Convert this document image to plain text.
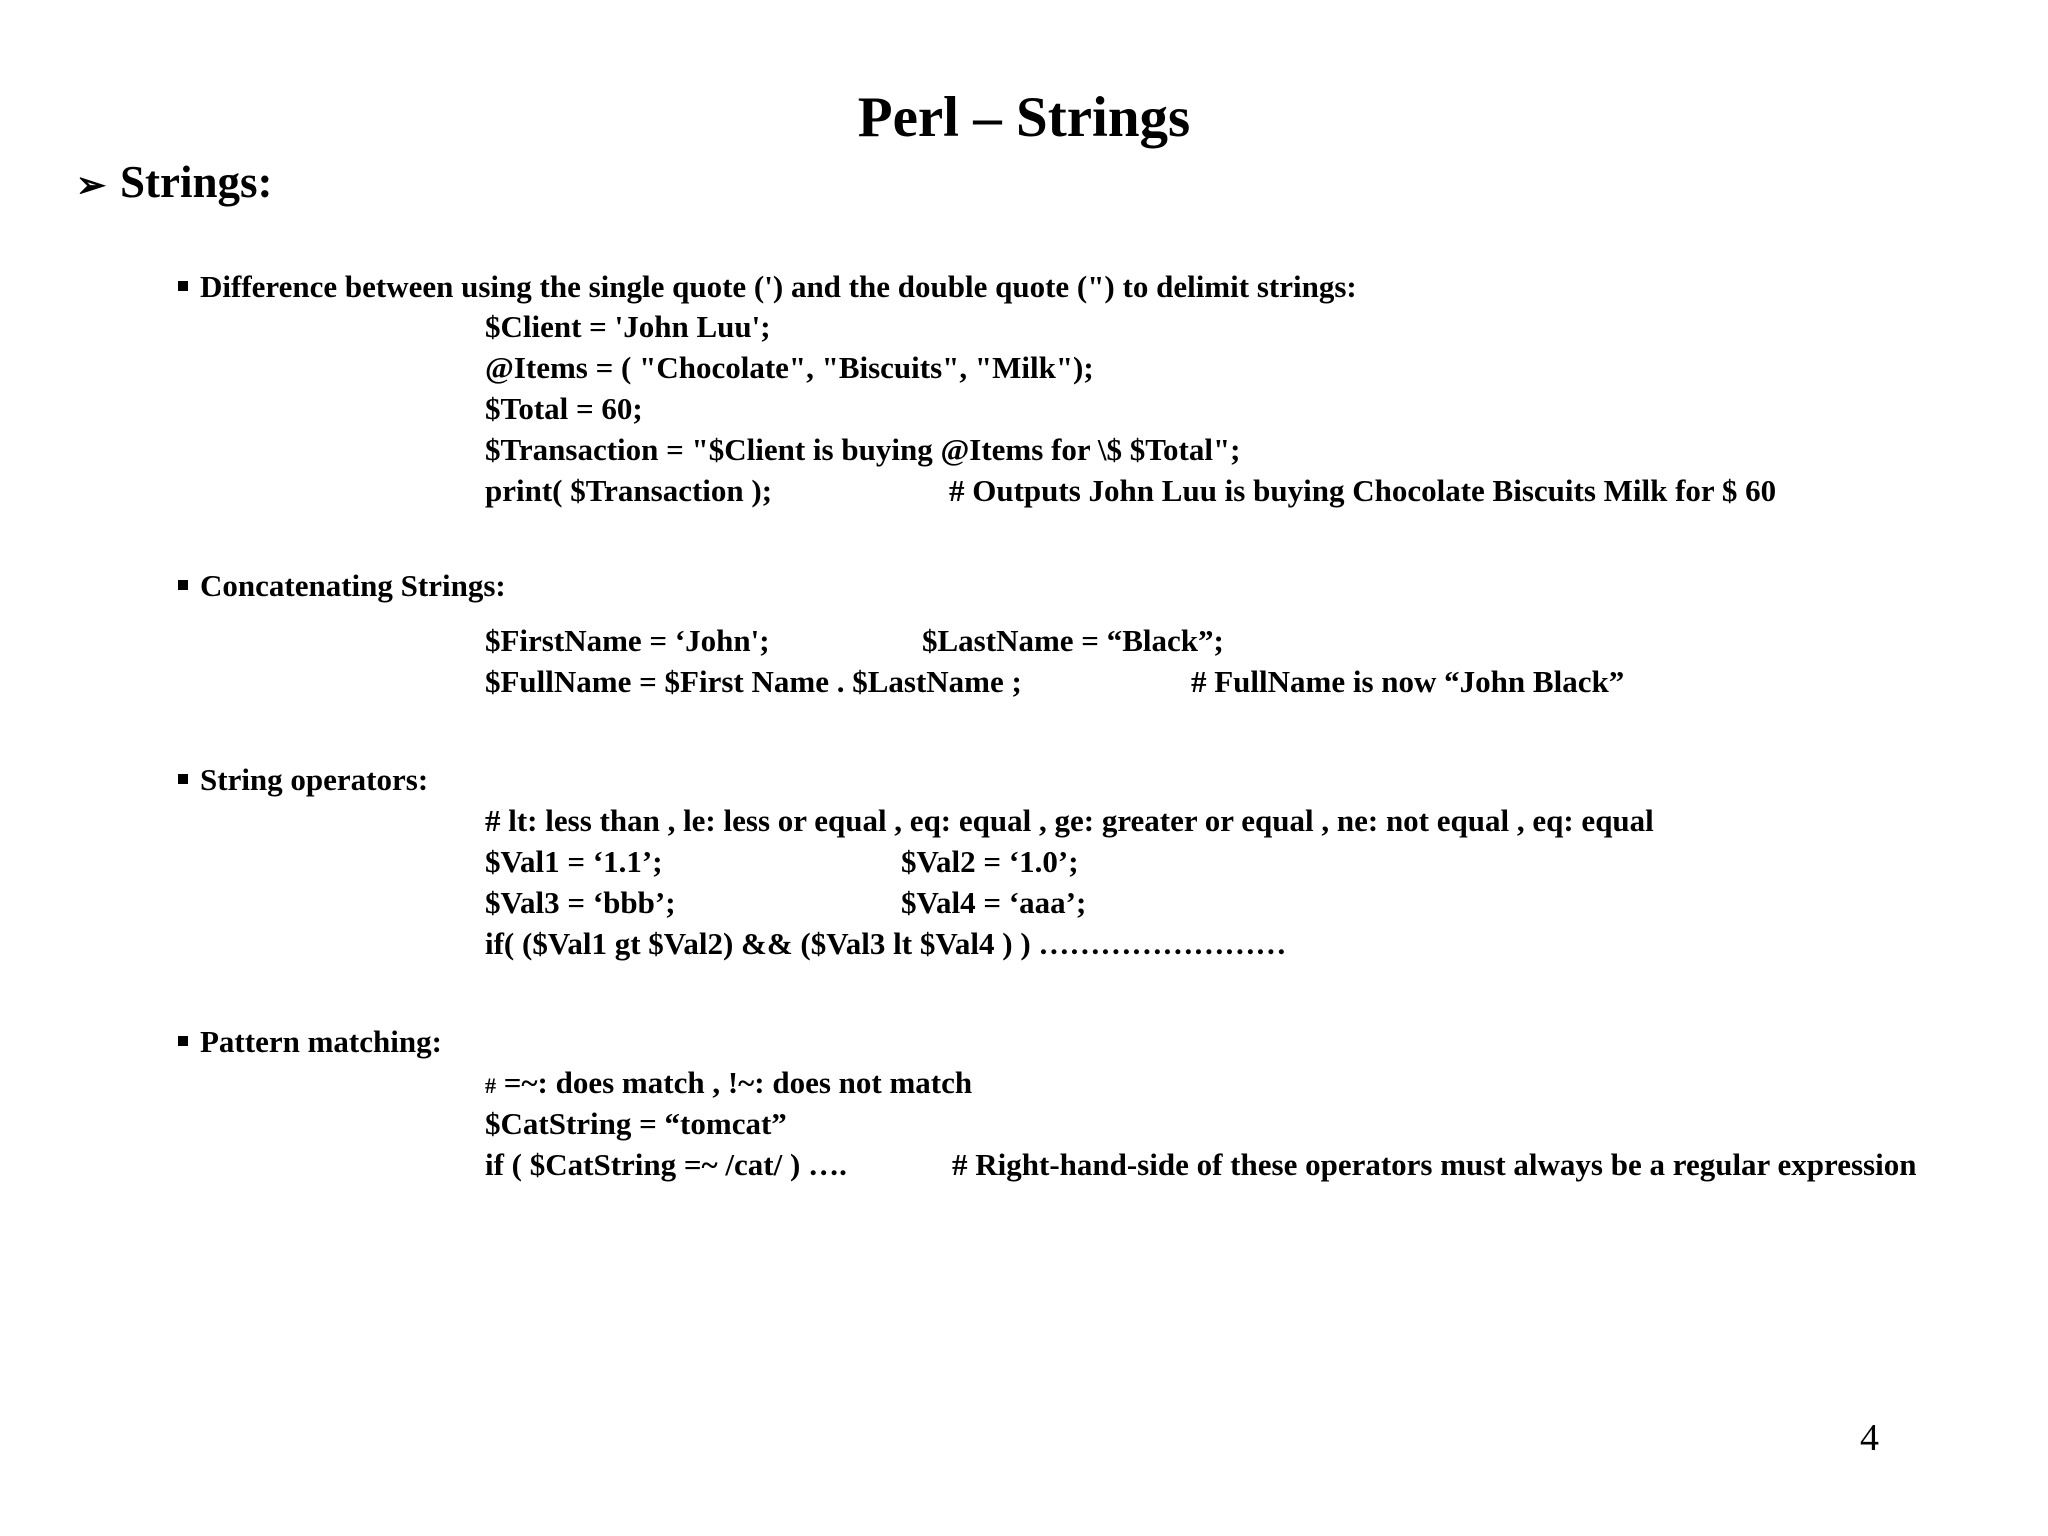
Perl – Strings
➢ Strings:
Difference between using the single quote (') and the double quote (") to delimit strings:
$Client = 'John Luu';
@Items = ( "Chocolate", "Biscuits", "Milk");
$Total = 60;
$Transaction = "$Client is buying @Items for \$ $Total";
print( $Transaction );	# Outputs John Luu is buying Chocolate Biscuits Milk for $ 60
Concatenating Strings:
$FirstName = ‘John';	$LastName = “Black”;
$FullName = $First Name . $LastName ;	# FullName is now “John Black”
String operators:
# lt: less than , le: less or equal , eq: equal , ge: greater or equal , ne: not equal , eq: equal
$Val1 = ‘1.1’;	$Val2 = ‘1.0’;
$Val3 = ‘bbb’;	$Val4 = ‘aaa’;
if( ($Val1 gt $Val2) && ($Val3 lt $Val4 ) ) ……………………
Pattern matching:
# =~: does match , !~: does not match
$CatString = “tomcat”
if ( $CatString =~ /cat/ ) ….	# Right-hand-side of these operators must always be a regular expression
4
